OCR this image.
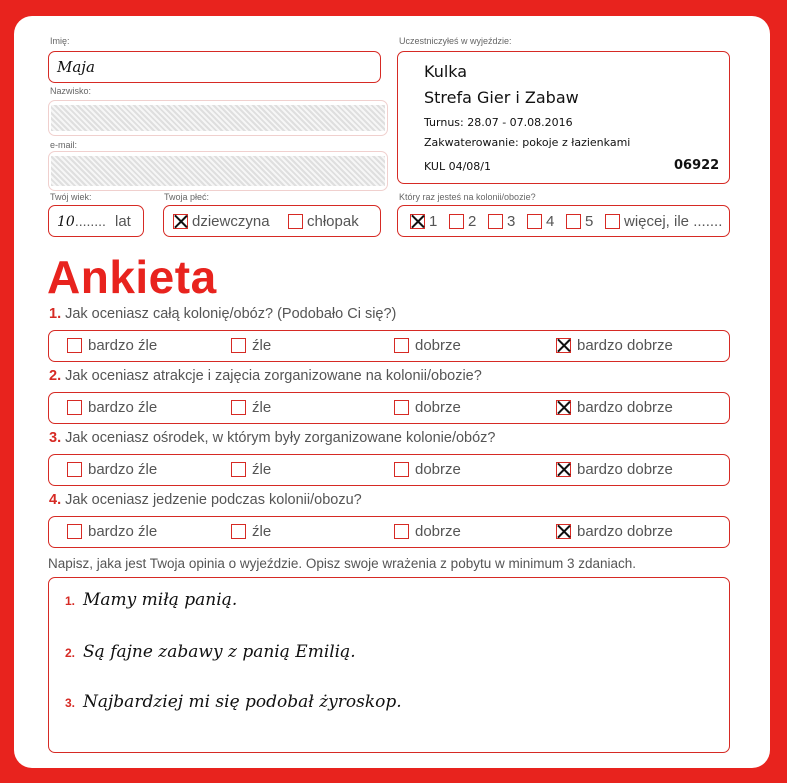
Imię:
Maja
Nazwisko:
e-mail:
Twój wiek:
10........ lat
Twoja płeć:
dziewczyna chłopak
Uczestniczyłeś w wyjeździe:
Kulka
Strefa Gier i Zabaw
Turnus: 28.07 - 07.08.2016
Zakwaterowanie: pokoje z łazienkami
KUL 04/08/1	06922
Który raz jesteś na kolonii/obozie?
1 2 3 4 5 więcej, ile .......
Ankieta
1. Jak oceniasz całą kolonię/obóz? (Podobało Ci się?)
bardzo źle	źle	dobrze	bardzo dobrze
2. Jak oceniasz atrakcje i zajęcia zorganizowane na kolonii/obozie?
bardzo źle	źle	dobrze	bardzo dobrze
3. Jak oceniasz ośrodek, w którym były zorganizowane kolonie/obóz?
bardzo źle	źle	dobrze	bardzo dobrze
4. Jak oceniasz jedzenie podczas kolonii/obozu?
bardzo źle	źle	dobrze	bardzo dobrze
Napisz, jaka jest Twoja opinia o wyjeździe. Opisz swoje wrażenia z pobytu w minimum 3 zdaniach.
1. Mamy miłą panią.
2. Są fajne zabawy z panią Emilią.
3. Najbardziej mi się podobał żyroskop.
